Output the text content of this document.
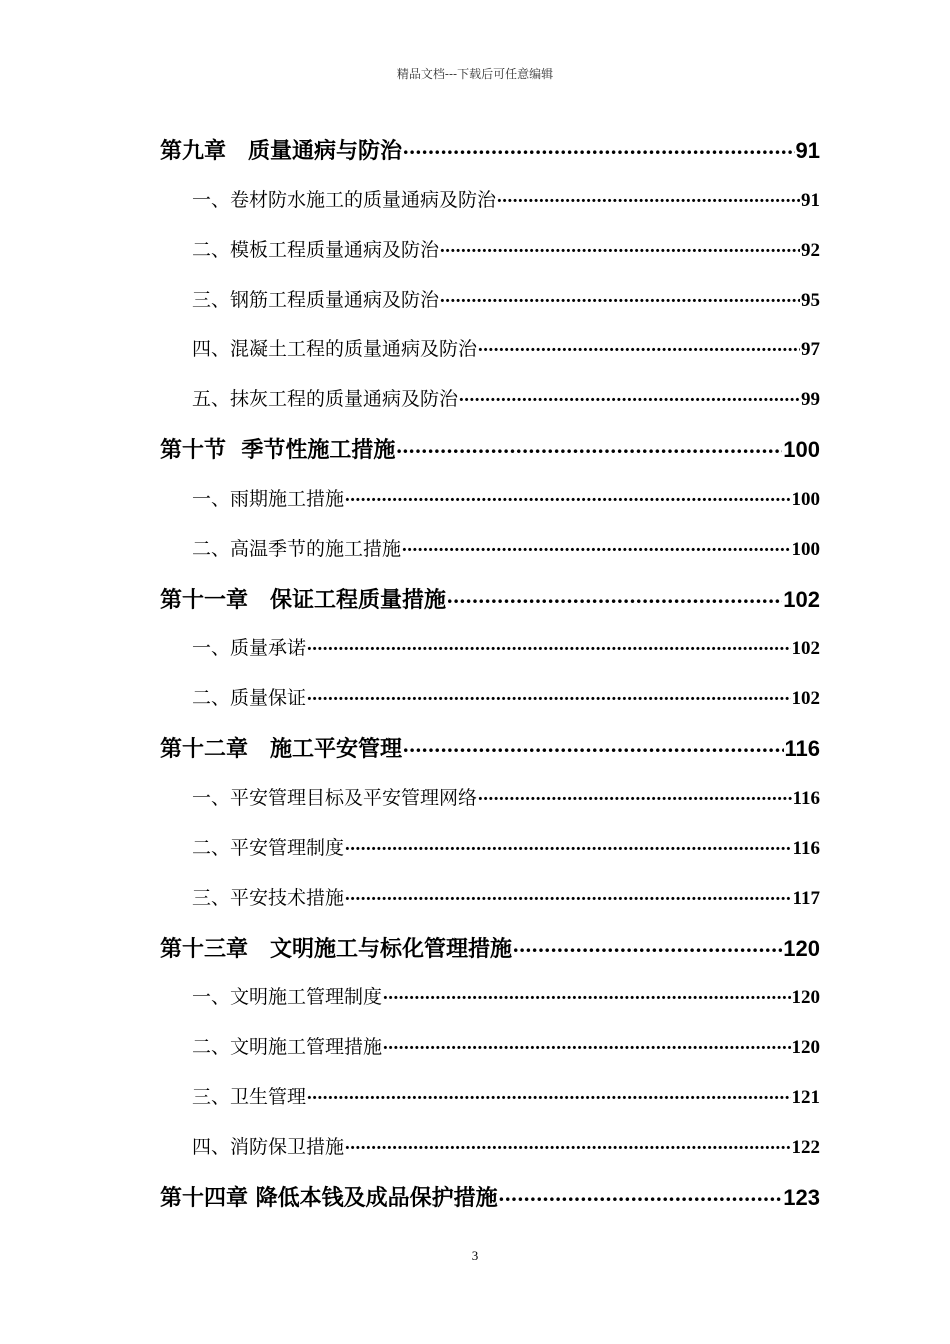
精品文档---下载后可任意编辑
第九章　质量通病与防治 .....	91
一、卷材防水施工的质量通病及防治 .....	91
二、模板工程质量通病及防治 .....	92
三、钢筋工程质量通病及防治 .....	95
四、混凝土工程的质量通病及防治 .....	97
五、抹灰工程的质量通病及防治 .....	99
第十节  季节性施工措施 .....	100
一、雨期施工措施 .....	100
二、高温季节的施工措施 .....	100
第十一章　保证工程质量措施 .....	102
一、质量承诺 .....	102
二、质量保证 .....	102
第十二章　施工平安管理 .....	116
一、平安管理目标及平安管理网络 .....	116
二、平安管理制度 .....	116
三、平安技术措施 .....	117
第十三章　文明施工与标化管理措施 .....	120
一、文明施工管理制度 .....	120
二、文明施工管理措施 .....	120
三、卫生管理 .....	121
四、消防保卫措施 .....	122
第十四章 降低本钱及成品保护措施 .....	123
3
